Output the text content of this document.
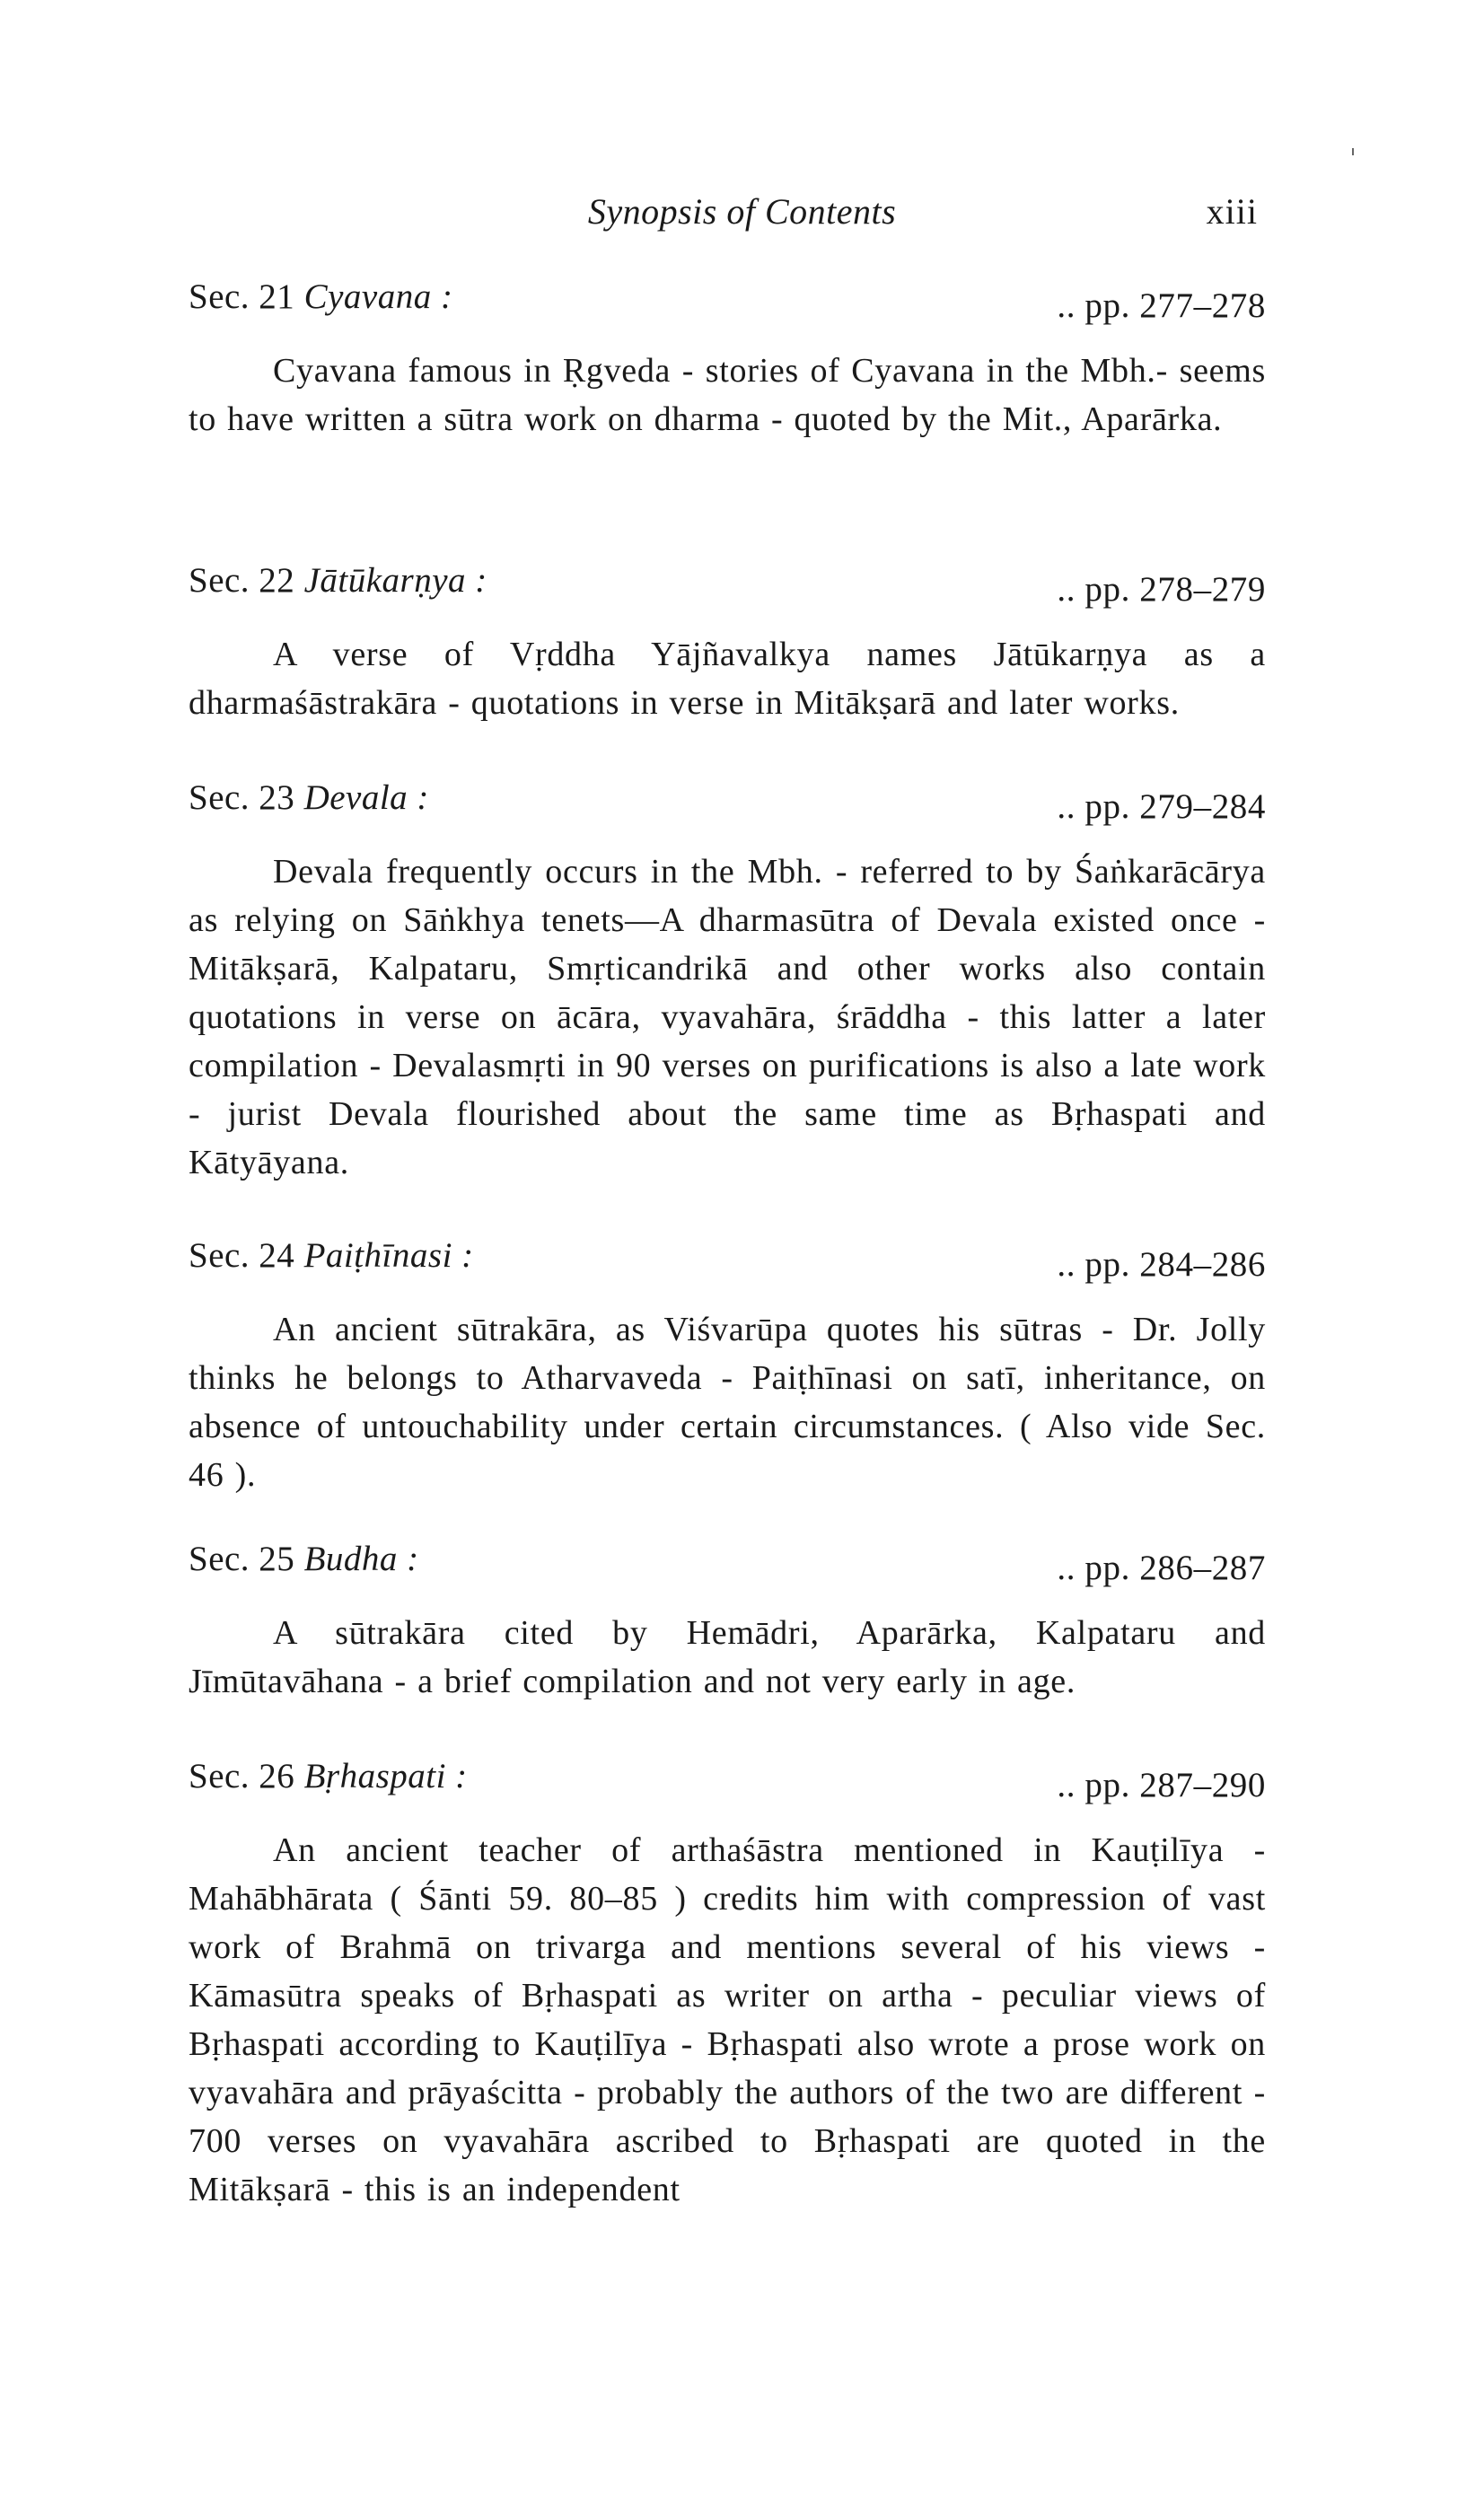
Synopsis of Contents	xiii
Sec. 21 Cyavana :	.. pp. 277–278
Cyavana famous in Ṛgveda - stories of Cyavana in the Mbh.- seems to have written a sūtra work on dharma - quoted by the Mit., Aparārka.
Sec. 22 Jātūkarṇya :	.. pp. 278–279
A verse of Vṛddha Yājñavalkya names Jātūkarṇya as a dharmaśāstrakāra - quotations in verse in Mitākṣarā and later works.
Sec. 23 Devala :	.. pp. 279–284
Devala frequently occurs in the Mbh. - referred to by Śaṅkarācārya as relying on Sāṅkhya tenets—A dharmasūtra of Devala existed once - Mitākṣarā, Kalpataru, Smṛticandrikā and other works also contain quotations in verse on ācāra, vyavahāra, śrāddha - this latter a later compilation - Devalasmṛti in 90 verses on purifications is also a late work - jurist Devala flourished about the same time as Bṛhaspati and Kātyāyana.
Sec. 24 Paiṭhīnasi :	.. pp. 284–286
An ancient sūtrakāra, as Viśvarūpa quotes his sūtras - Dr. Jolly thinks he belongs to Atharvaveda - Paiṭhīnasi on satī, inheritance, on absence of untouchability under certain circumstances. ( Also vide Sec. 46 ).
Sec. 25 Budha :	.. pp. 286–287
A sūtrakāra cited by Hemādri, Aparārka, Kalpataru and Jīmūtavāhana - a brief compilation and not very early in age.
Sec. 26 Bṛhaspati :	.. pp. 287–290
An ancient teacher of arthaśāstra mentioned in Kauṭilīya - Mahābhārata ( Śānti 59. 80–85 ) credits him with compression of vast work of Brahmā on trivarga and mentions several of his views - Kāmasūtra speaks of Bṛhaspati as writer on artha - peculiar views of Bṛhaspati according to Kauṭilīya - Bṛhaspati also wrote a prose work on vyavahāra and prāyaścitta - probably the authors of the two are different - 700 verses on vyavahāra ascribed to Bṛhaspati are quoted in the Mitākṣarā - this is an independent
